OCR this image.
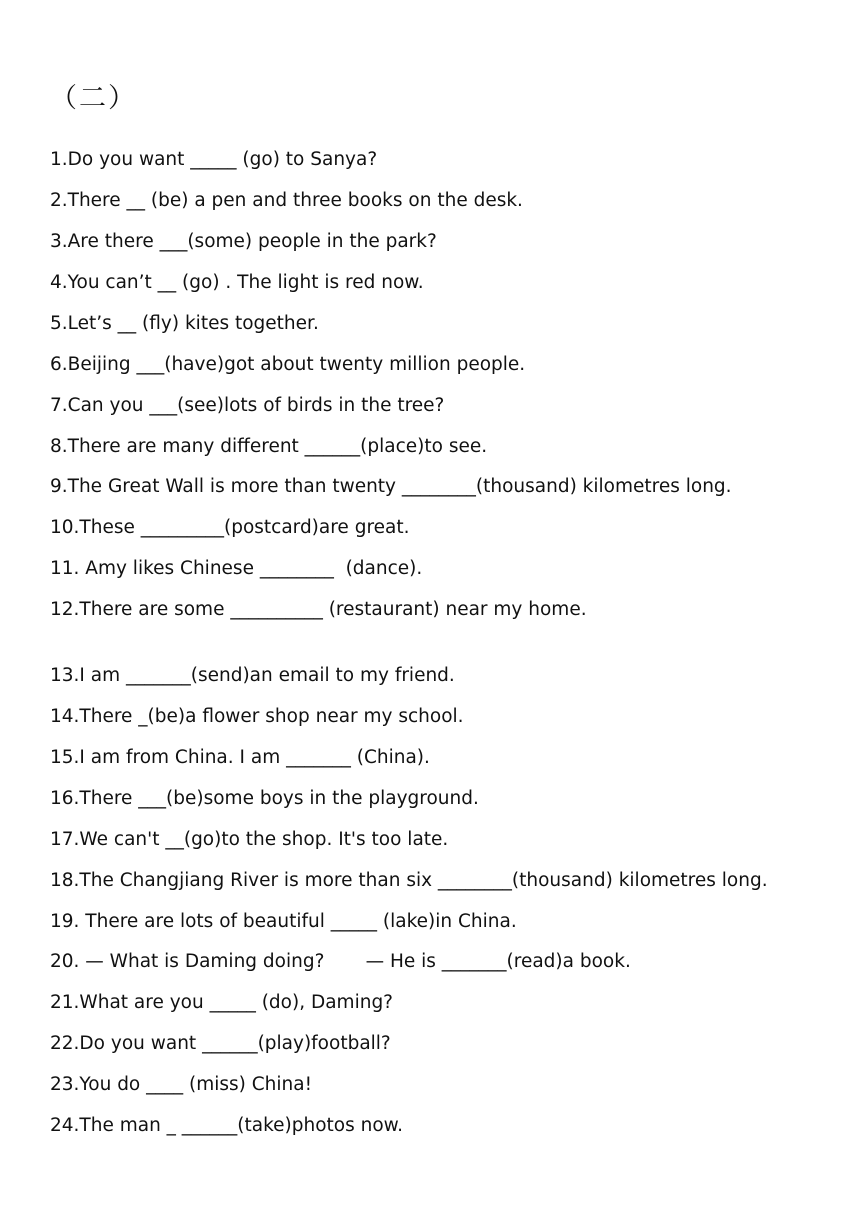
（二）
1.Do you want _____ (go) to Sanya?
2.There __ (be) a pen and three books on the desk.
3.Are there ___(some) people in the park?
4.You can’t __ (go) . The light is red now.
5.Let’s __ (fly) kites together.
6.Beijing ___(have)got about twenty million people.
7.Can you ___(see)lots of birds in the tree?
8.There are many different ______(place)to see.
9.The Great Wall is more than twenty ________(thousand) kilometres long.
10.These _________(postcard)are great.
11. Amy likes Chinese ________  (dance).
12.There are some __________ (restaurant) near my home.
13.I am _______(send)an email to my friend.
14.There _(be)a flower shop near my school.
15.I am from China. I am _______ (China).
16.There ___(be)some boys in the playground.
17.We can't __(go)to the shop. It's too late.
18.The Changjiang River is more than six ________(thousand) kilometres long.
19. There are lots of beautiful _____ (lake)in China.
20. — What is Daming doing?       — He is _______(read)a book.
21.What are you _____ (do), Daming?
22.Do you want ______(play)football?
23.You do ____ (miss) China!
24.The man _ ______(take)photos now.
